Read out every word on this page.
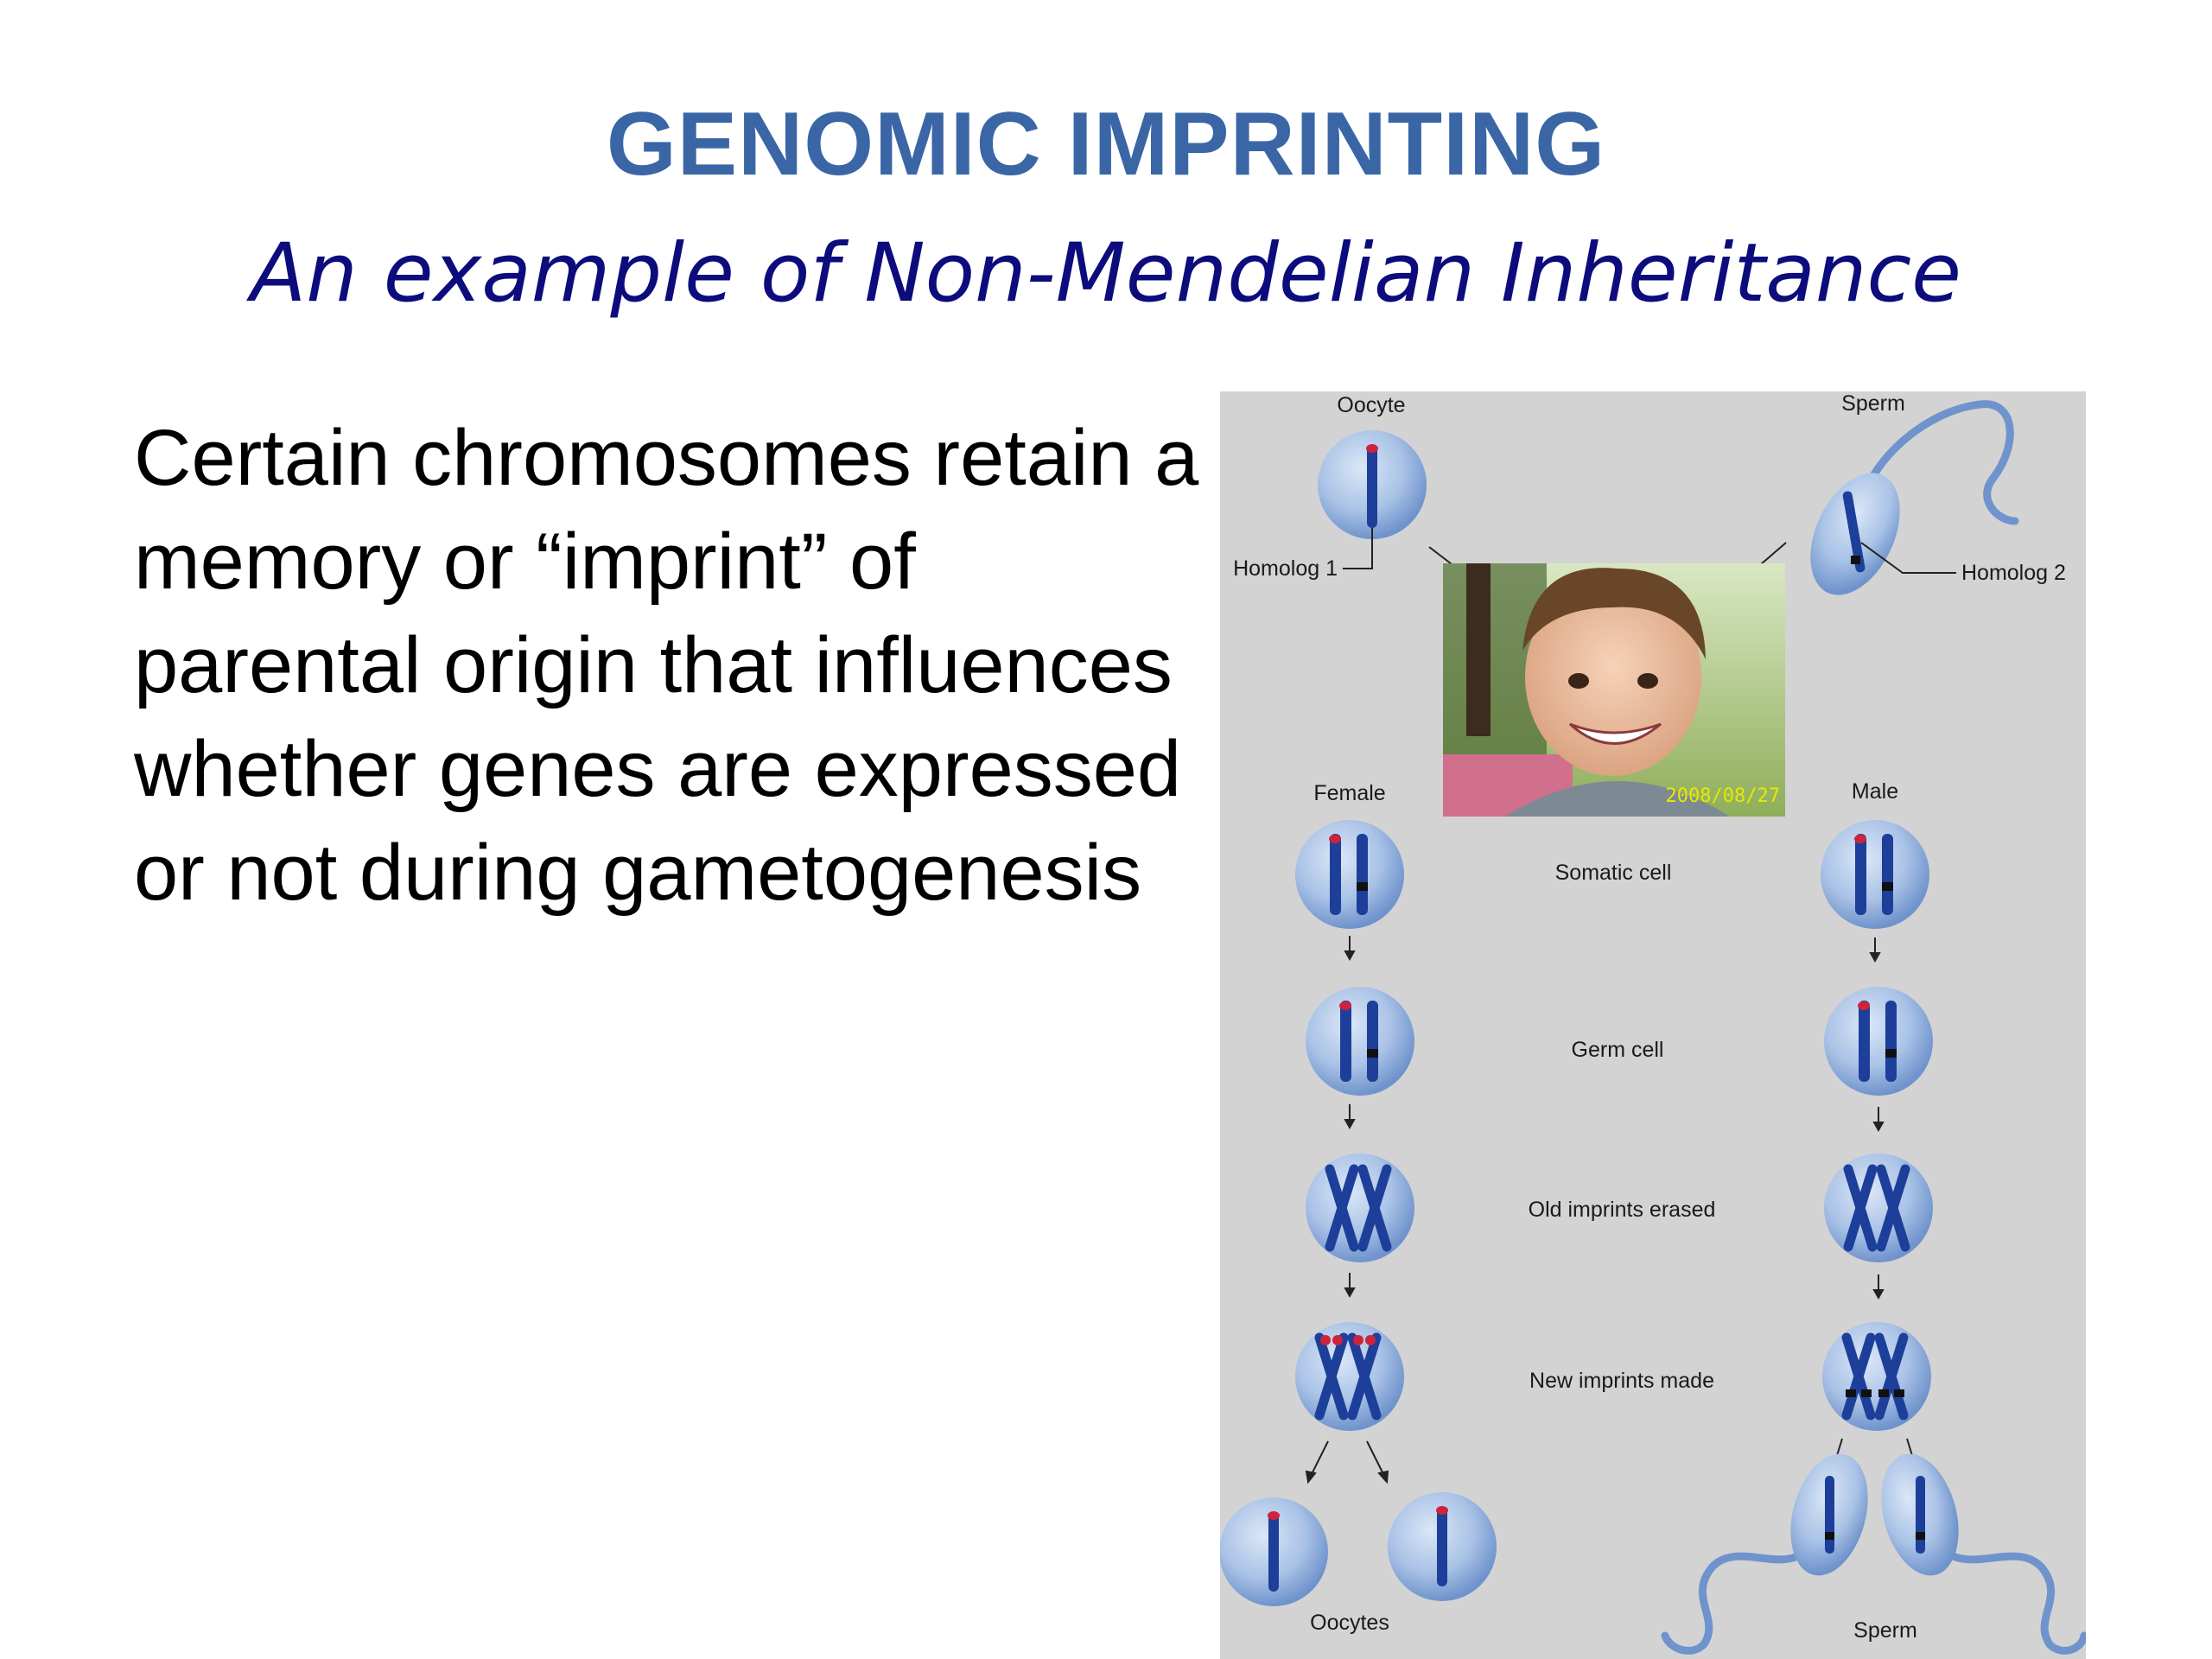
GENOMIC IMPRINTING
An example of Non-Mendelian Inheritance
Certain chromosomes retain a memory or “imprint” of parental origin that influences whether genes are expressed or not during gametogenesis
Oocyte	Sperm
Homolog 1	Homolog 2
2008/08/27
Female	Male
Somatic cell
Germ cell
Old imprints erased
New imprints made
Oocytes	Sperm
